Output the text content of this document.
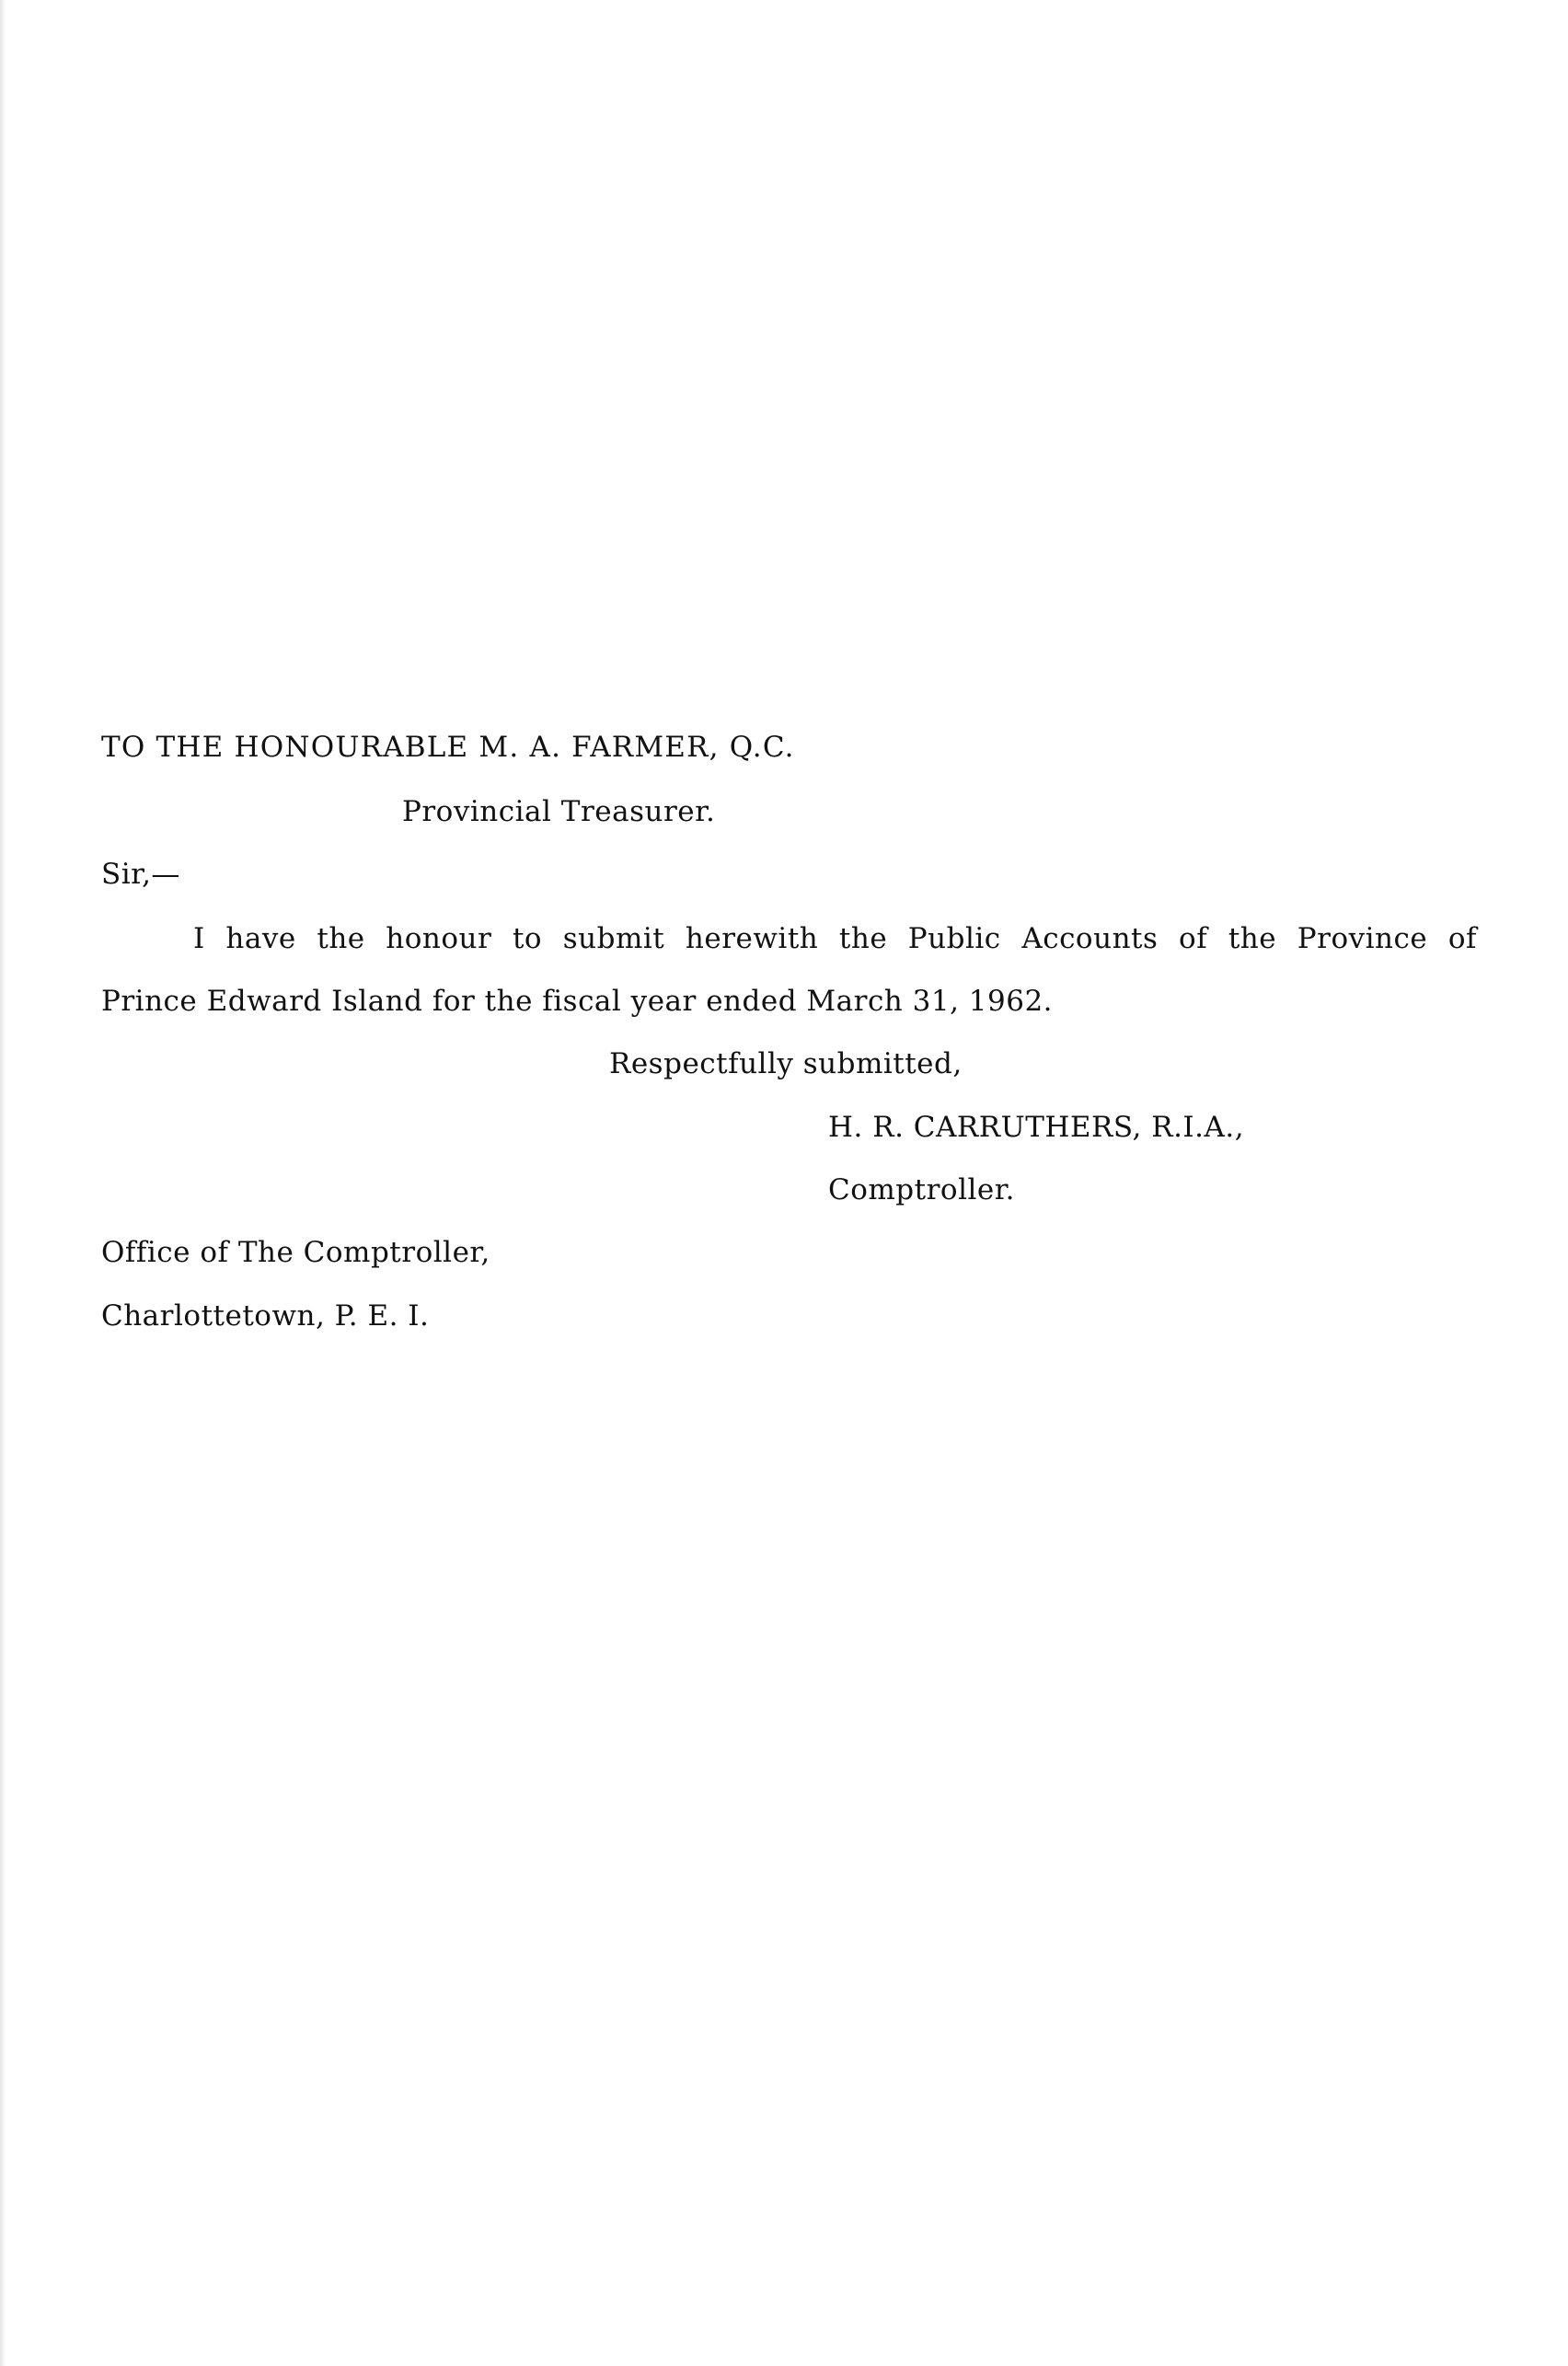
TO THE HONOURABLE M. A. FARMER, Q.C.
Provincial Treasurer.
Sir,—
I have the honour to submit herewith the Public Accounts of the Province of
Prince Edward Island for the fiscal year ended March 31, 1962.
Respectfully submitted,
H. R. CARRUTHERS, R.I.A.,
Comptroller.
Office of The Comptroller,
Charlottetown, P. E. I.
